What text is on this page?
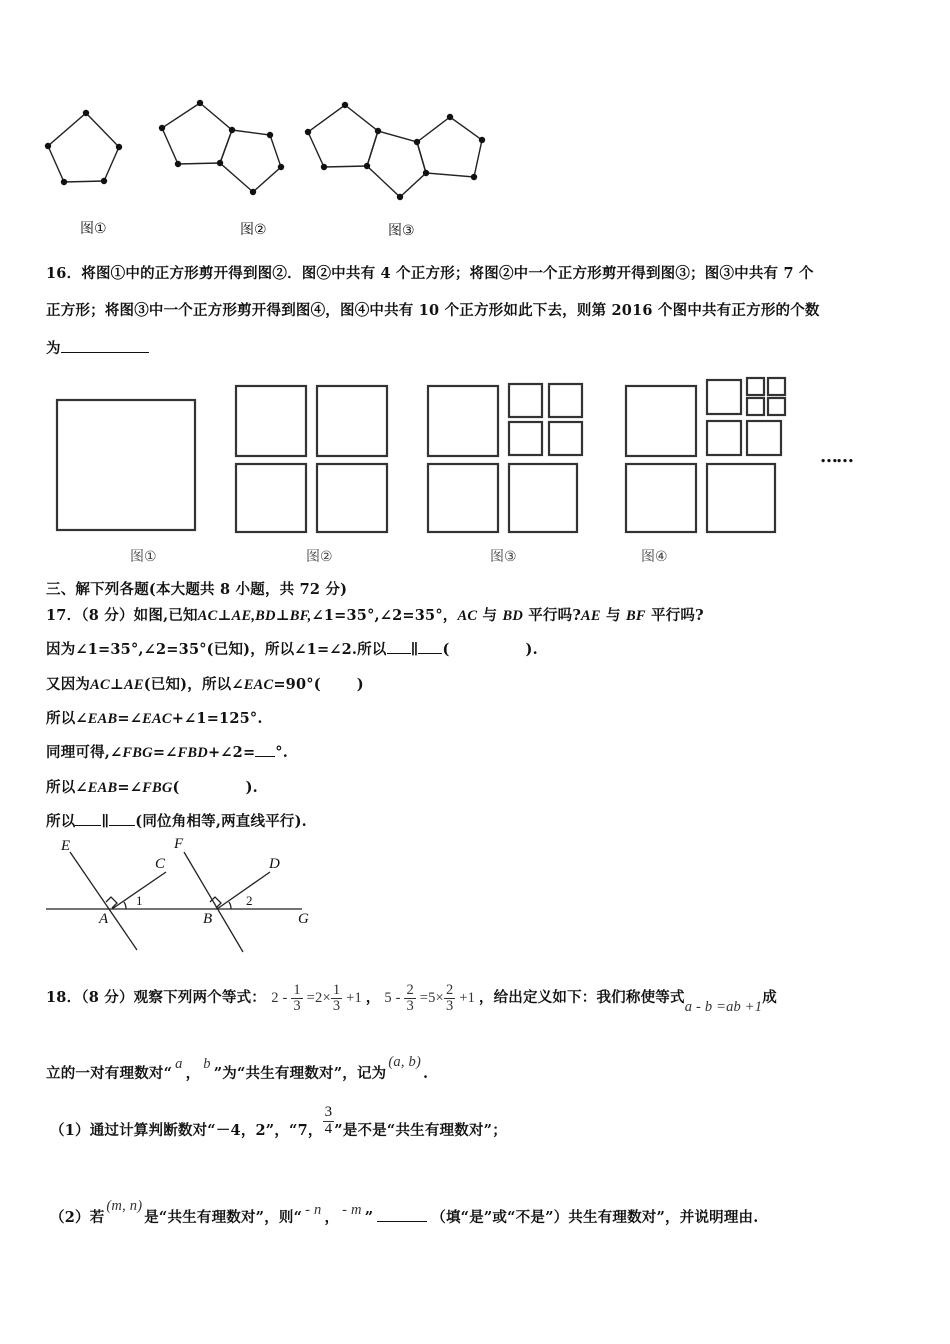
图①	图②	图③
16．将图①中的正方形剪开得到图②．图②中共有 4 个正方形；将图②中一个正方形剪开得到图③；图③中共有 7 个
正方形；将图③中一个正方形剪开得到图④，图④中共有 10 个正方形如此下去，则第 2016 个图中共有正方形的个数
为
图①	图②	图③	图④
……
三、解下列各题(本大题共 8 小题，共 72 分)
17．（8 分）如图,已知AC⊥AE,BD⊥BF,∠1=35°,∠2=35°，AC 与 BD 平行吗?AE 与 BF 平行吗?
因为∠1=35°,∠2=35°(已知)，所以∠1=∠2.所以 ∥ (	).
又因为AC⊥AE(已知)，所以∠EAC=90°( )
所以∠EAB=∠EAC+∠1=125°.
同理可得,∠FBG=∠FBD+∠2= °.
所以∠EAB=∠FBG(	).
所以 ∥ (同位角相等,两直线平行).
E
C
A
1
F
D
B
2
G
18．（8 分）观察下列两个等式： $2 - \frac{1}{3} =2\times \frac{1}{3} +1$ ， $5 - \frac{2}{3} =5\times \frac{2}{3} +1$ ，给出定义如下：我们称使等式a - b =ab +1成
立的一对有理数对“a，b”为“共生有理数对”，记为(a, b).
（1）通过计算判断数对“－4，2”，“7， $\frac{3}{4}$ ”是不是“共生有理数对”；
（2）若(m, n)是“共生有理数对”，则“ - n ， - m ”	（填“是”或“不是”）共生有理数对”，并说明理由.
